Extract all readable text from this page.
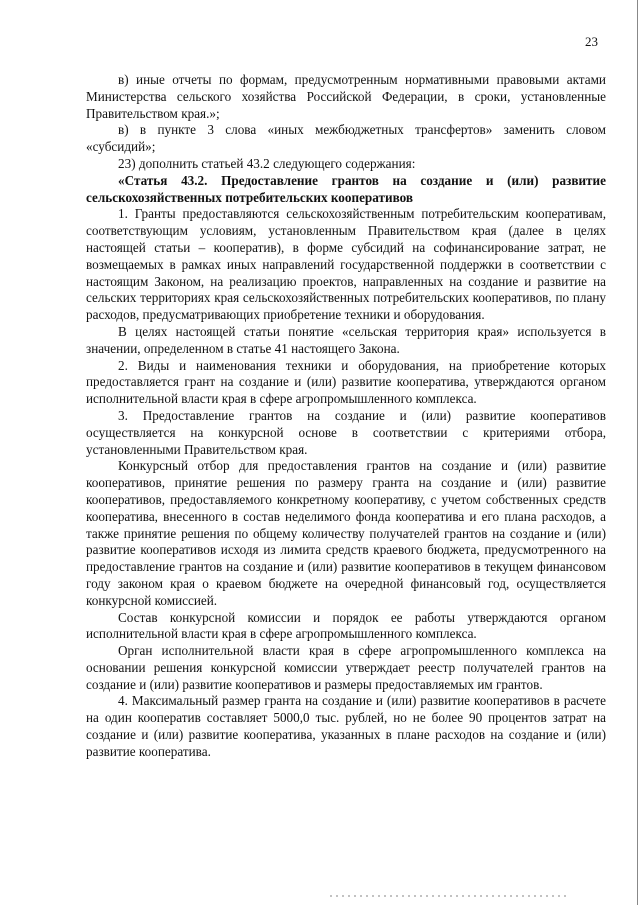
23

в) иные отчеты по формам, предусмотренным нормативными правовыми актами Министерства сельского хозяйства Российской Федерации, в сроки, установленные Правительством края.»;

в) в пункте 3 слова «иных межбюджетных трансфертов» заменить словом «субсидий»;

23) дополнить статьей 43.2 следующего содержания:

«Статья 43.2. Предоставление грантов на создание и (или) развитие сельскохозяйственных потребительских кооперативов

1. Гранты предоставляются сельскохозяйственным потребительским кооперативам, соответствующим условиям, установленным Правительством края (далее в целях настоящей статьи – кооператив), в форме субсидий на софинансирование затрат, не возмещаемых в рамках иных направлений государственной поддержки в соответствии с настоящим Законом, на реализацию проектов, направленных на создание и развитие на сельских территориях края сельскохозяйственных потребительских кооперативов, по плану расходов, предусматривающих приобретение техники и оборудования.

В целях настоящей статьи понятие «сельская территория края» используется в значении, определенном в статье 41 настоящего Закона.

2. Виды и наименования техники и оборудования, на приобретение которых предоставляется грант на создание и (или) развитие кооператива, утверждаются органом исполнительной власти края в сфере агропромышленного комплекса.

3. Предоставление грантов на создание и (или) развитие кооперативов осуществляется на конкурсной основе в соответствии с критериями отбора, установленными Правительством края.

Конкурсный отбор для предоставления грантов на создание и (или) развитие кооперативов, принятие решения по размеру гранта на создание и (или) развитие кооперативов, предоставляемого конкретному кооперативу, с учетом собственных средств кооператива, внесенного в состав неделимого фонда кооператива и его плана расходов, а также принятие решения по общему количеству получателей грантов на создание и (или) развитие кооперативов исходя из лимита средств краевого бюджета, предусмотренного на предоставление грантов на создание и (или) развитие кооперативов в текущем финансовом году законом края о краевом бюджете на очередной финансовый год, осуществляется конкурсной комиссией.

Состав конкурсной комиссии и порядок ее работы утверждаются органом исполнительной власти края в сфере агропромышленного комплекса.

Орган исполнительной власти края в сфере агропромышленного комплекса на основании решения конкурсной комиссии утверждает реестр получателей грантов на создание и (или) развитие кооперативов и размеры предоставляемых им грантов.

4. Максимальный размер гранта на создание и (или) развитие кооперативов в расчете на один кооператив составляет 5000,0 тыс. рублей, но не более 90 процентов затрат на создание и (или) развитие кооператива, указанных в плане расходов на создание и (или) развитие кооператива.
